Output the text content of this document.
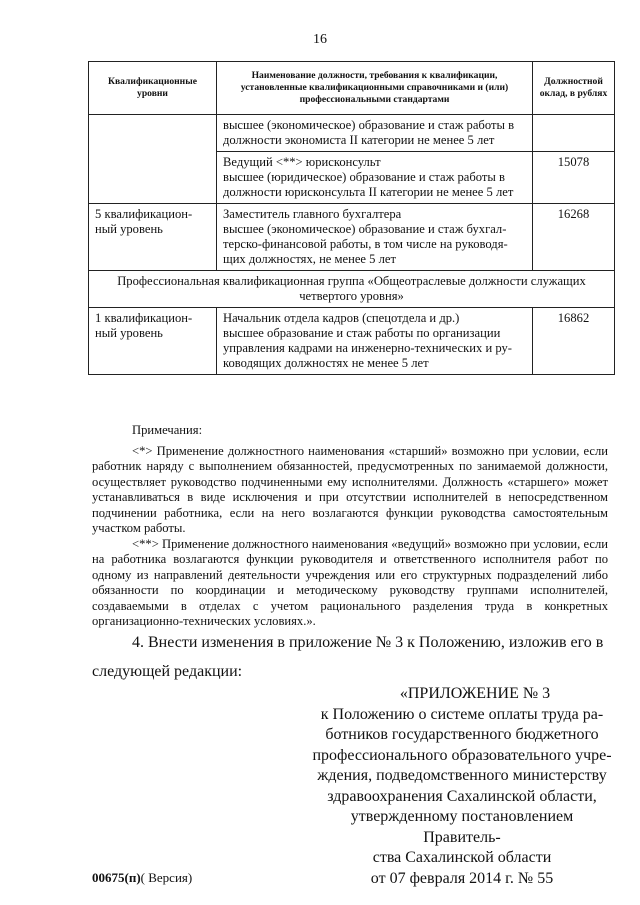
16
Квалификационные уровни	Наименование должности, требования к квалификации, установленные квалификационными справочниками и (или) профессиональными стандартами	Должностной оклад, в рублях

	высшее (экономическое) образование и стаж работы в
должности экономиста II категории не менее 5 лет	

	Ведущий <**> юрисконсульт
высшее (юридическое) образование и стаж работы в
должности юрисконсульта II категории не менее 5 лет	15078

5 квалификацион-
ный уровень	Заместитель главного бухгалтера
высшее (экономическое) образование и стаж бухгал-
терско-финансовой работы, в том числе на руководя-
щих должностях, не менее 5 лет	16268

Профессиональная квалификационная группа «Общеотраслевые должности служащих
четвертого уровня»		

1 квалификацион-
ный уровень	Начальник отдела кадров (спецотдела и др.)
высшее образование и стаж работы по организации
управления кадрами на инженерно-технических и ру-
ководящих должностях не менее 5 лет	16862
Примечания:

<*> Применение должностного наименования «старший» возможно при условии, если работник наряду с выполнением обязанностей, предусмотренных по занимаемой должности, осуществляет руководство подчиненными ему исполнителями. Должность «старшего» может устанавливаться в виде исключения и при отсутствии исполнителей в непосредственном подчинении работника, если на него возлагаются функции руководства самостоятельным участком работы.

<**> Применение должностного наименования «ведущий» возможно при условии, если на работника возлагаются функции руководителя и ответственного исполнителя работ по одному из направлений деятельности учреждения или его структурных подразделений либо обязанности по координации и методическому руководству группами исполнителей, создаваемыми в отделах с учетом рационального разделения труда в конкретных организационно-технических условиях.».

4. Внести изменения в приложение № 3 к Положению, изложив его в
следующей редакции:
«ПРИЛОЖЕНИЕ № 3
к Положению о системе оплаты труда ра-
ботников государственного бюджетного
профессионального образовательного учре-
ждения, подведомственного министерству
здравоохранения Сахалинской области,
утвержденному постановлением Правитель-
ства Сахалинской области
от 07 февраля 2014 г. № 55
00675(п)( Версия)
